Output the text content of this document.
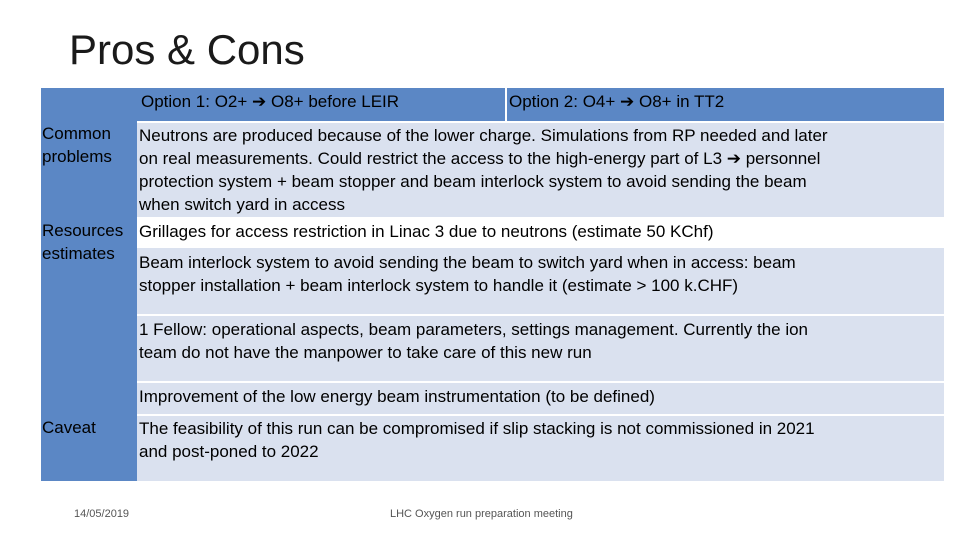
Pros & Cons
Option 1: O2+ ➔ O8+ before LEIR	Option 2: O4+ ➔ O8+ in TT2
Neutrons are produced because of the lower charge. Simulations from RP needed and later
on real measurements. Could restrict the access to the high-energy part of L3 ➔ personnel
protection system + beam stopper and beam interlock system to avoid sending the beam
when switch yard in access
Grillages for access restriction in Linac 3 due to neutrons (estimate 50 KChf)
Beam interlock system to avoid sending the beam to switch yard when in access: beam
stopper installation + beam interlock system to handle it (estimate > 100 k.CHF)
1 Fellow: operational aspects, beam parameters, settings management. Currently the ion
team do not have the manpower to take care of this new run
Improvement of the low energy beam instrumentation (to be defined)
The feasibility of this run can be compromised if slip stacking is not commissioned in 2021
and post-poned to 2022
Common
problems
Resources
estimates
Caveat
14/05/2019	LHC Oxygen run preparation meeting
